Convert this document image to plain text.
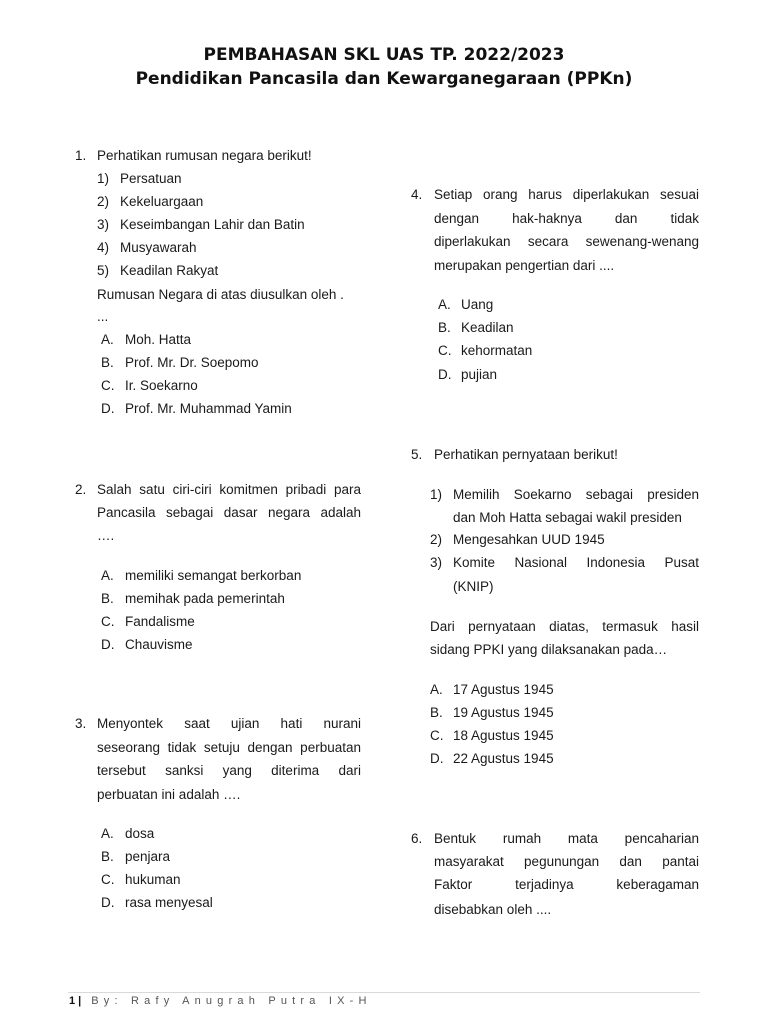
PEMBAHASAN SKL UAS TP. 2022/2023
Pendidikan Pancasila dan Kewarganegaraan (PPKn)
1. Perhatikan rumusan negara berikut!
1) Persatuan
2) Kekeluargaan
3) Keseimbangan Lahir dan Batin
4) Musyawarah
5) Keadilan Rakyat
Rumusan Negara di atas diusulkan oleh .
...
A. Moh. Hatta
B. Prof. Mr. Dr. Soepomo
C. Ir. Soekarno
D. Prof. Mr. Muhammad Yamin
2. Salah satu ciri-ciri komitmen pribadi para
Pancasila sebagai dasar negara adalah
….
A. memiliki semangat berkorban
B. memihak pada pemerintah
C. Fandalisme
D. Chauvisme
3. Menyontek saat ujian hati nurani
seseorang tidak setuju dengan perbuatan
tersebut sanksi yang diterima dari
perbuatan ini adalah ….
A. dosa
B. penjara
C. hukuman
D. rasa menyesal
4. Setiap orang harus diperlakukan sesuai
dengan hak-haknya dan tidak
diperlakukan secara sewenang-wenang
merupakan pengertian dari ....
A. Uang
B. Keadilan
C. kehormatan
D. pujian
5. Perhatikan pernyataan berikut!
1) Memilih Soekarno sebagai presiden
dan Moh Hatta sebagai wakil presiden
2) Mengesahkan UUD 1945
3) Komite Nasional Indonesia Pusat
(KNIP)
Dari pernyataan diatas, termasuk hasil
sidang PPKI yang dilaksanakan pada…
A. 17 Agustus 1945
B. 19 Agustus 1945
C. 18 Agustus 1945
D. 22 Agustus 1945
6. Bentuk rumah mata pencaharian
masyarakat pegunungan dan pantai
Faktor terjadinya keberagaman
disebabkan oleh ....
1 | By: Rafy Anugrah Putra IX-H
